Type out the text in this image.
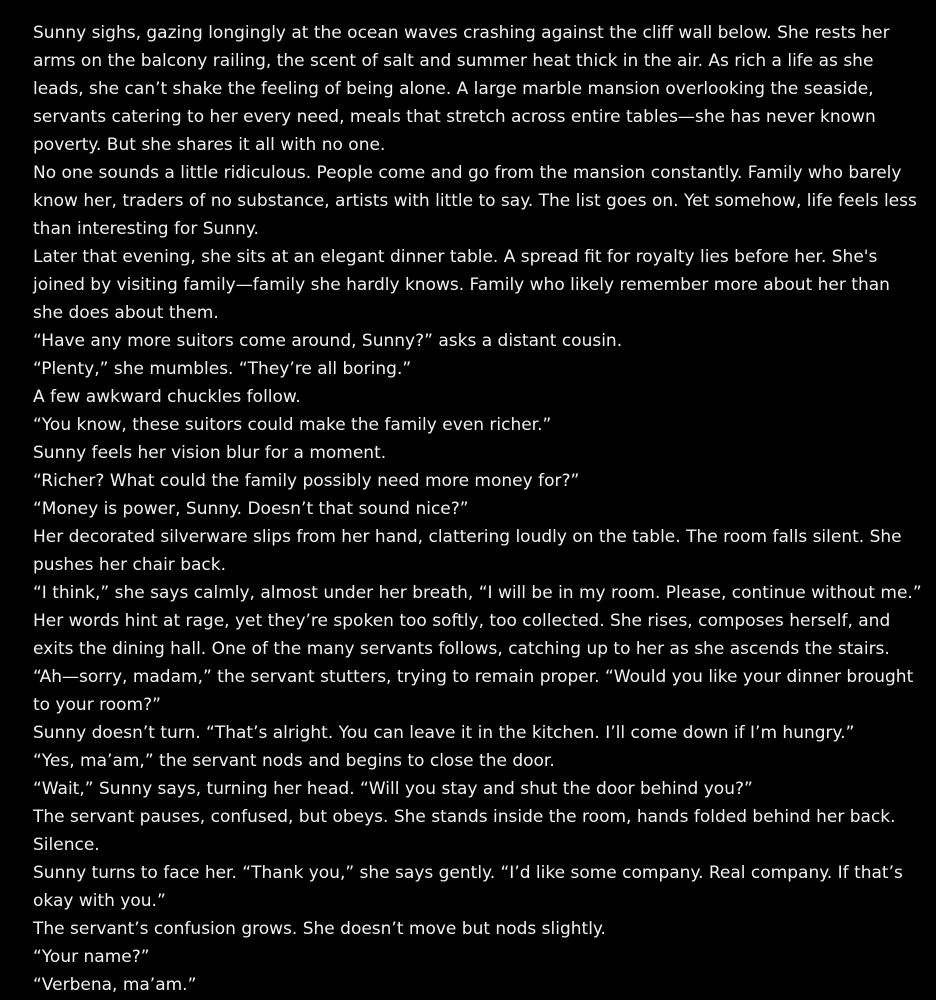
Sunny sighs, gazing longingly at the ocean waves crashing against the cliff wall below. She rests her arms on the balcony railing, the scent of salt and summer heat thick in the air. As rich a life as she leads, she can’t shake the feeling of being alone. A large marble mansion overlooking the seaside, servants catering to her every need, meals that stretch across entire tables—she has never known poverty. But she shares it all with no one.

No one sounds a little ridiculous. People come and go from the mansion constantly. Family who barely know her, traders of no substance, artists with little to say. The list goes on. Yet somehow, life feels less than interesting for Sunny.

Later that evening, she sits at an elegant dinner table. A spread fit for royalty lies before her. She's joined by visiting family—family she hardly knows. Family who likely remember more about her than she does about them.

“Have any more suitors come around, Sunny?” asks a distant cousin.

“Plenty,” she mumbles. “They’re all boring.”

A few awkward chuckles follow.

“You know, these suitors could make the family even richer.”

Sunny feels her vision blur for a moment.

“Richer? What could the family possibly need more money for?”

“Money is power, Sunny. Doesn’t that sound nice?”

Her decorated silverware slips from her hand, clattering loudly on the table. The room falls silent. She pushes her chair back.

“I think,” she says calmly, almost under her breath, “I will be in my room. Please, continue without me.”

Her words hint at rage, yet they’re spoken too softly, too collected. She rises, composes herself, and exits the dining hall. One of the many servants follows, catching up to her as she ascends the stairs.

“Ah—sorry, madam,” the servant stutters, trying to remain proper. “Would you like your dinner brought to your room?”

Sunny doesn’t turn. “That’s alright. You can leave it in the kitchen. I’ll come down if I’m hungry.”

“Yes, ma’am,” the servant nods and begins to close the door.

“Wait,” Sunny says, turning her head. “Will you stay and shut the door behind you?”

The servant pauses, confused, but obeys. She stands inside the room, hands folded behind her back. Silence.

Sunny turns to face her. “Thank you,” she says gently. “I’d like some company. Real company. If that’s okay with you.”

The servant’s confusion grows. She doesn’t move but nods slightly.

“Your name?”

“Verbena, ma’am.”
